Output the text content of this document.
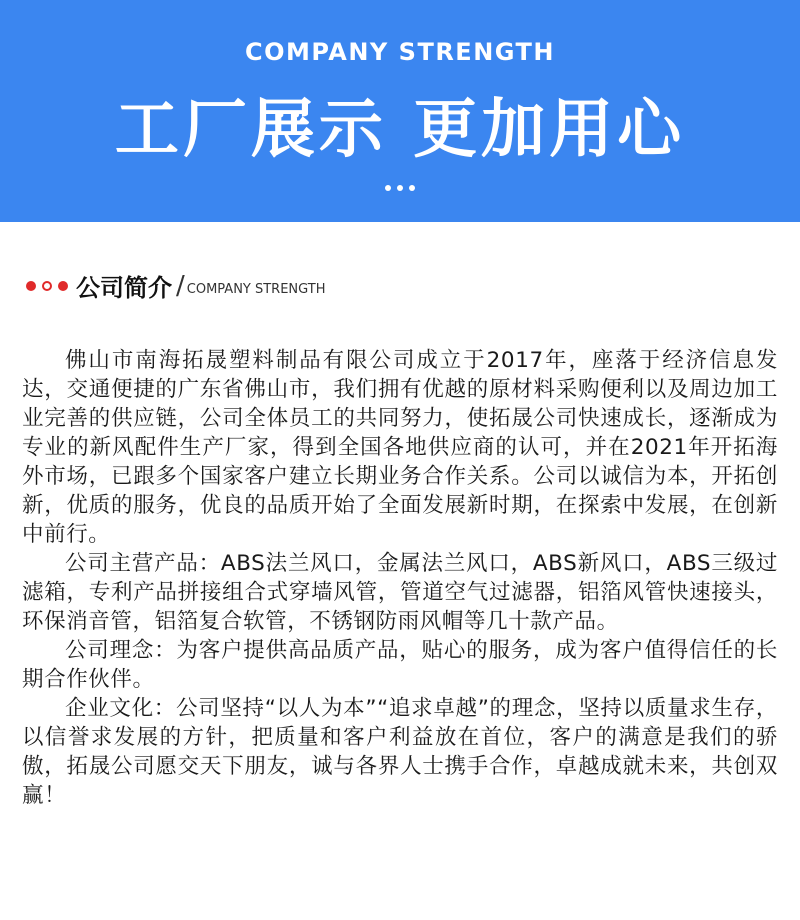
COMPANY STRENGTH
工厂展示 更加用心
公司简介 / COMPANY STRENGTH

佛山市南海拓晟塑料制品有限公司成立于2017年，座落于经济信息发达，交通便捷的广东省佛山市，我们拥有优越的原材料采购便利以及周边加工业完善的供应链，公司全体员工的共同努力，使拓晟公司快速成长，逐渐成为专业的新风配件生产厂家，得到全国各地供应商的认可，并在2021年开拓海外市场，已跟多个国家客户建立长期业务合作关系。公司以诚信为本，开拓创新，优质的服务，优良的品质开始了全面发展新时期，在探索中发展，在创新中前行。

公司主营产品：ABS法兰风口，金属法兰风口，ABS新风口，ABS三级过滤箱，专利产品拼接组合式穿墙风管，管道空气过滤器，铝箔风管快速接头，环保消音管，铝箔复合软管，不锈钢防雨风帽等几十款产品。

公司理念：为客户提供高品质产品，贴心的服务，成为客户值得信任的长期合作伙伴。

企业文化：公司坚持“以人为本”“追求卓越”的理念，坚持以质量求生存，以信誉求发展的方针，把质量和客户利益放在首位，客户的满意是我们的骄傲，拓晟公司愿交天下朋友，诚与各界人士携手合作，卓越成就未来，共创双赢！
